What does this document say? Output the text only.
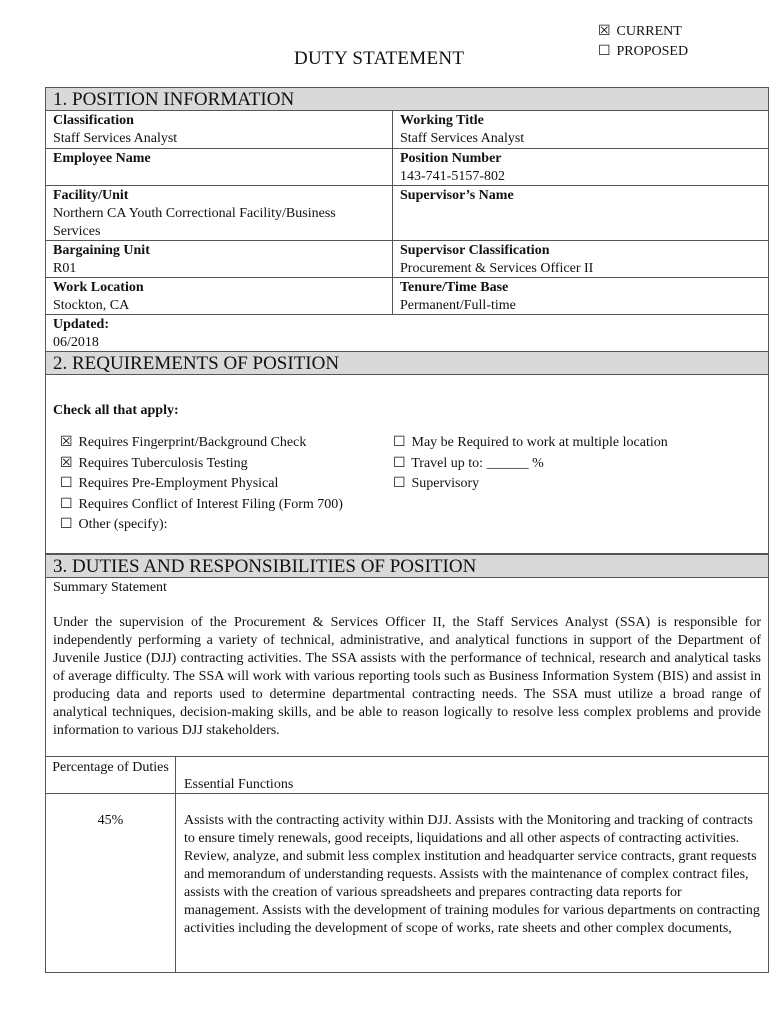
☒ CURRENT
☐ PROPOSED
DUTY STATEMENT
1. POSITION INFORMATION
Classification
Staff Services Analyst
Working Title
Staff Services Analyst
Employee Name	Position Number
143-741-5157-802
Facility/Unit
Northern CA Youth Correctional Facility/Business Services
Supervisor’s Name
Bargaining Unit
R01
Supervisor Classification
Procurement & Services Officer II
Work Location
Stockton, CA
Tenure/Time Base
Permanent/Full-time
Updated:
06/2018
2. REQUIREMENTS OF POSITION
Check all that apply:
☒ Requires Fingerprint/Background Check
☒ Requires Tuberculosis Testing
☐ Requires Pre-Employment Physical
☐ Requires Conflict of Interest Filing (Form 700)
☐ Other (specify):
☐ May be Required to work at multiple location
☐ Travel up to: ______ %
☐ Supervisory
3. DUTIES AND RESPONSIBILITIES OF POSITION
Summary Statement
Under the supervision of the Procurement & Services Officer II, the Staff Services Analyst (SSA) is responsible for independently performing a variety of technical, administrative, and analytical functions in support of the Department of Juvenile Justice (DJJ) contracting activities. The SSA assists with the performance of technical, research and analytical tasks of average difficulty. The SSA will work with various reporting tools such as Business Information System (BIS) and assist in producing data and reports used to determine departmental contracting needs. The SSA must utilize a broad range of analytical techniques, decision-making skills, and be able to reason logically to resolve less complex problems and provide information to various DJJ stakeholders.
Percentage of Duties
45%
Essential Functions
Assists with the contracting activity within DJJ. Assists with the Monitoring and tracking of contracts to ensure timely renewals, good receipts, liquidations and all other aspects of contracting activities. Review, analyze, and submit less complex institution and headquarter service contracts, grant requests and memorandum of understanding requests. Assists with the maintenance of complex contract files, assists with the creation of various spreadsheets and prepares contracting data reports for management. Assists with the development of training modules for various departments on contracting activities including the development of scope of works, rate sheets and other complex documents,
